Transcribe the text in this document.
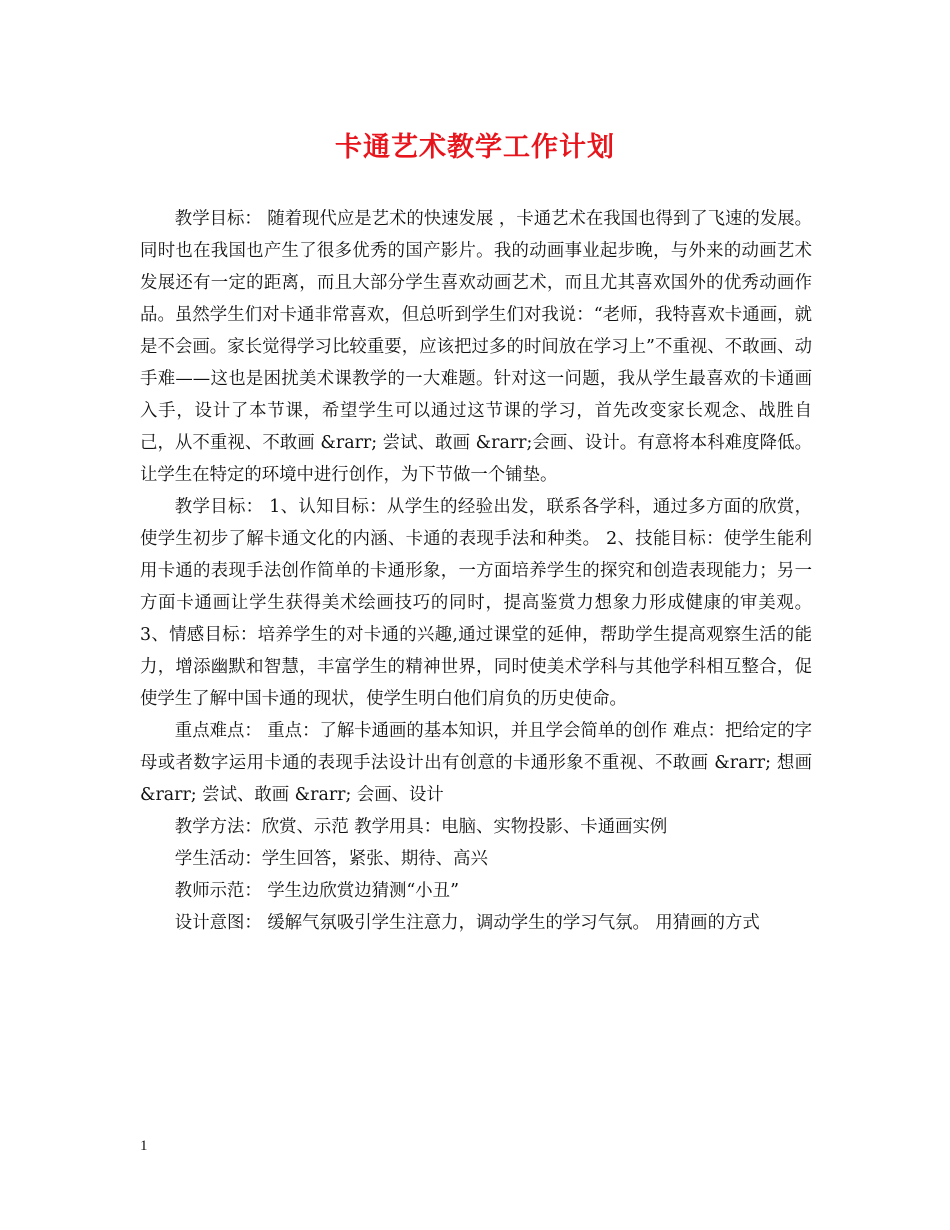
卡通艺术教学工作计划

教学目标： 随着现代应是艺术的快速发展 ，卡通艺术在我国也得到了飞速的发展。同时也在我国也产生了很多优秀的国产影片。我的动画事业起步晚，与外来的动画艺术发展还有一定的距离，而且大部分学生喜欢动画艺术，而且尤其喜欢国外的优秀动画作品。虽然学生们对卡通非常喜欢，但总听到学生们对我说：“老师，我特喜欢卡通画，就是不会画。家长觉得学习比较重要，应该把过多的时间放在学习上”不重视、不敢画、动手难——这也是困扰美术课教学的一大难题。针对这一问题，我从学生最喜欢的卡通画入手，设计了本节课，希望学生可以通过这节课的学习，首先改变家长观念、战胜自己，从不重视、不敢画 &rarr; 尝试、敢画 &rarr;会画、设计。有意将本科难度降低。让学生在特定的环境中进行创作，为下节做一个铺垫。

教学目标： 1、认知目标：从学生的经验出发，联系各学科，通过多方面的欣赏，使学生初步了解卡通文化的内涵、卡通的表现手法和种类。 2、技能目标：使学生能利用卡通的表现手法创作简单的卡通形象，一方面培养学生的探究和创造表现能力；另一方面卡通画让学生获得美术绘画技巧的同时，提高鉴赏力想象力形成健康的审美观。 3、情感目标：培养学生的对卡通的兴趣,通过课堂的延伸，帮助学生提高观察生活的能力，增添幽默和智慧，丰富学生的精神世界，同时使美术学科与其他学科相互整合，促使学生了解中国卡通的现状，使学生明白他们肩负的历史使命。

重点难点： 重点：了解卡通画的基本知识，并且学会简单的创作 难点：把给定的字母或者数字运用卡通的表现手法设计出有创意的卡通形象不重视、不敢画 &rarr; 想画 &rarr; 尝试、敢画 &rarr; 会画、设计

教学方法：欣赏、示范 教学用具：电脑、实物投影、卡通画实例

学生活动：学生回答，紧张、期待、高兴

教师示范： 学生边欣赏边猜测“小丑”

设计意图： 缓解气氛吸引学生注意力，调动学生的学习气氛。 用猜画的方式

1
